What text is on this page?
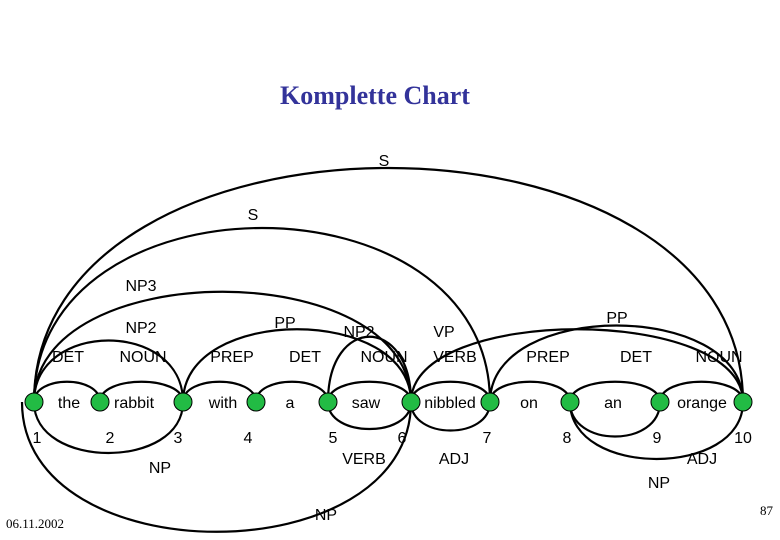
Komplette Chart
the rabbit	with	a	saw	nibbled	on	an	orange
1	2	3	4	5	6	7	8	9	10
S
S
NP3
NP2	PP
NP2	VP
PP
DET NOUN	PREP DET NOUN VERB	PREP	DET	NOUN
NP
VERB	ADJ	ADJ
NP
NP
06.11.2002
87
